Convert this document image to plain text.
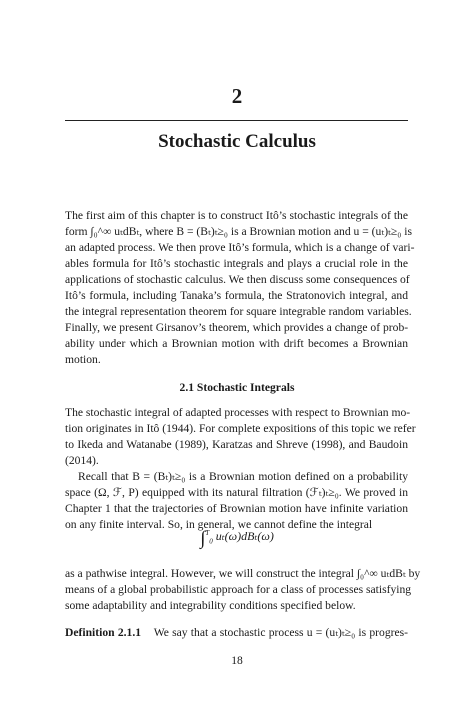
2
Stochastic Calculus
The first aim of this chapter is to construct Itô’s stochastic integrals of the
form ∫₀^∞ uₜdBₜ, where B = (Bₜ)ₜ≥₀ is a Brownian motion and u = (uₜ)ₜ≥₀ is
an adapted process. We then prove Itô’s formula, which is a change of vari-
ables formula for Itô’s stochastic integrals and plays a crucial role in the
applications of stochastic calculus. We then discuss some consequences of
Itô’s formula, including Tanaka’s formula, the Stratonovich integral, and
the integral representation theorem for square integrable random variables.
Finally, we present Girsanov’s theorem, which provides a change of prob-
ability under which a Brownian motion with drift becomes a Brownian
motion.
2.1 Stochastic Integrals
The stochastic integral of adapted processes with respect to Brownian mo-
tion originates in Itô (1944). For complete expositions of this topic we refer
to Ikeda and Watanabe (1989), Karatzas and Shreve (1998), and Baudoin
(2014).
Recall that B = (Bₜ)ₜ≥₀ is a Brownian motion defined on a probability
space (Ω, ℱ, P) equipped with its natural filtration (ℱₜ)ₜ≥₀. We proved in
Chapter 1 that the trajectories of Brownian motion have infinite variation
on any finite interval. So, in general, we cannot define the integral
∫$^T_0$ uₜ(ω)dBₜ(ω)
as a pathwise integral. However, we will construct the integral ∫₀^∞ uₜdBₜ by
means of a global probabilistic approach for a class of processes satisfying
some adaptability and integrability conditions specified below.
Definition 2.1.1 We say that a stochastic process u = (uₜ)ₜ≥₀ is progres-
18
